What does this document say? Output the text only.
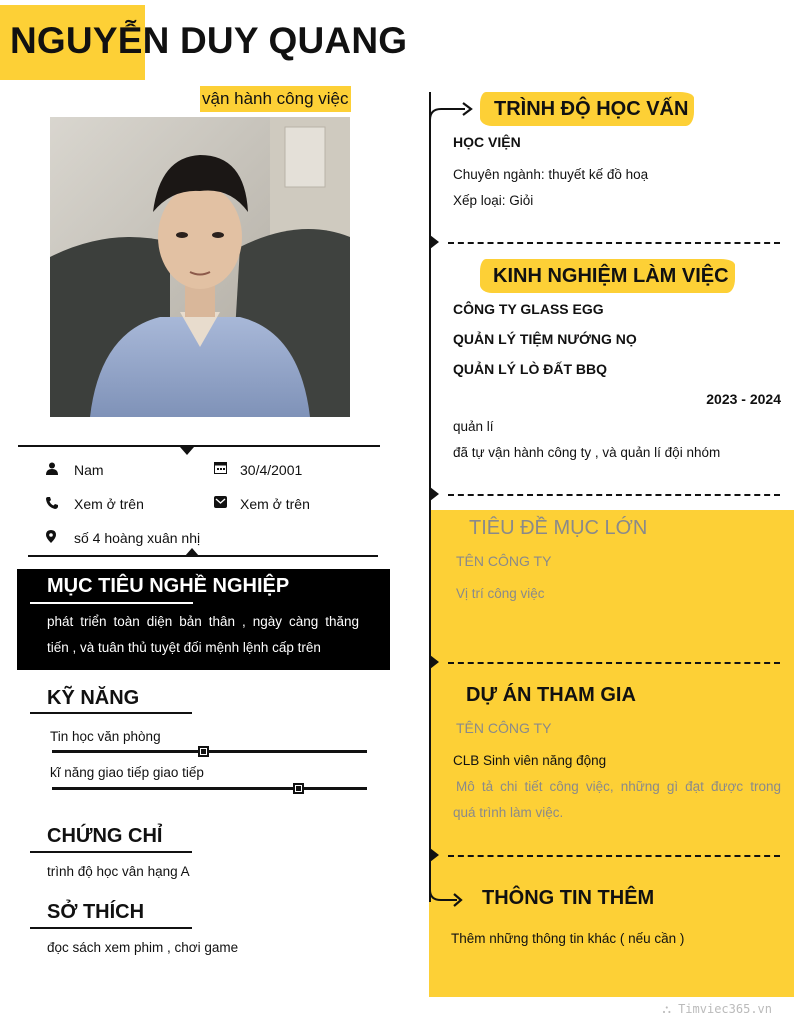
NGUYỄN DUY QUANG
vận hành công việc
Nam	30/4/2001
Xem ở trên	Xem ở trên
số 4 hoàng xuân nhị
MỤC TIÊU NGHỀ NGHIỆP
phát triển toàn diện bản thân , ngày càng thăng
tiến , và tuân thủ tuyệt đối mệnh lệnh cấp trên
KỸ NĂNG
Tin học văn phòng
kĩ năng giao tiếp giao tiếp
CHỨNG CHỈ
trình độ học vân hạng A
SỞ THÍCH
đọc sách xem phim , chơi game
TRÌNH ĐỘ HỌC VẤN
HỌC VIỆN
Chuyên ngành: thuyết kế đồ hoạ
Xếp loại: Giỏi
KINH NGHIỆM LÀM VIỆC
CÔNG TY GLASS EGG
QUẢN LÝ TIỆM NƯỚNG NỌ
QUẢN LÝ LÒ ĐẤT BBQ
2023 - 2024
quản lí
đã tự vận hành công ty , và quản lí đội nhóm
TIÊU ĐỀ MỤC LỚN
TÊN CÔNG TY
Vị trí công việc
DỰ ÁN THAM GIA
TÊN CÔNG TY
CLB Sinh viên năng động
Mô tả chi tiết công việc, những gì đạt được trong
quá trình làm việc.
THÔNG TIN THÊM
Thêm những thông tin khác ( nếu cần )
⛬ Timviec365.vn
